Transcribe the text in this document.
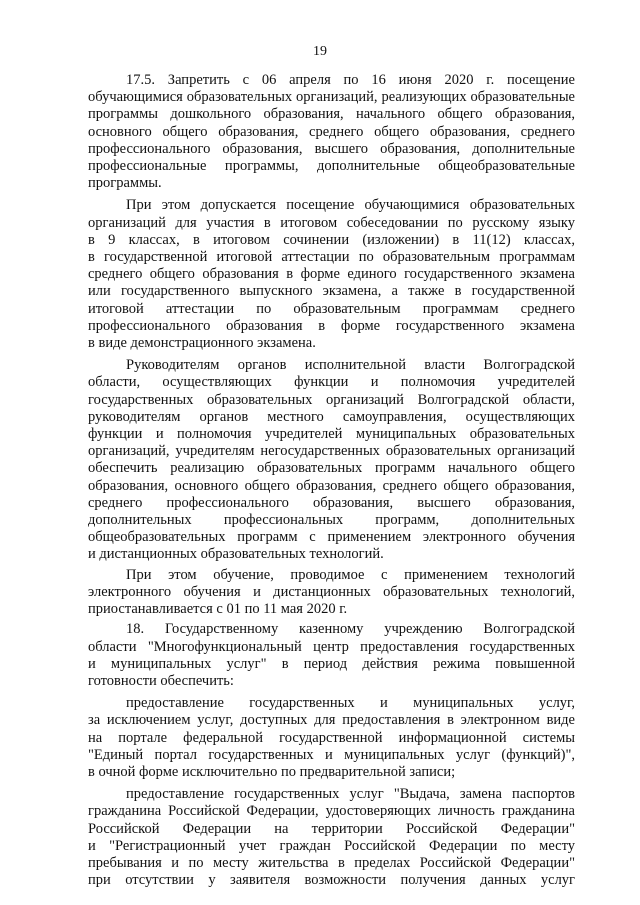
19

17.5. Запретить с 06 апреля по 16 июня 2020 г. посещение

обучающимися образовательных организаций, реализующих образовательные

программы дошкольного образования, начального общего образования,

основного общего образования, среднего общего образования, среднего

профессионального образования, высшего образования, дополнительные

профессиональные программы, дополнительные общеобразовательные

программы.

При этом допускается посещение обучающимися образовательных

организаций для участия в итоговом собеседовании по русскому языку

в 9 классах, в итоговом сочинении (изложении) в 11(12) классах,

в государственной итоговой аттестации по образовательным программам

среднего общего образования в форме единого государственного экзамена

или государственного выпускного экзамена, а также в государственной

итоговой аттестации по образовательным программам среднего

профессионального образования в форме государственного экзамена

в виде демонстрационного экзамена.

Руководителям органов исполнительной власти Волгоградской

области, осуществляющих функции и полномочия учредителей

государственных образовательных организаций Волгоградской области,

руководителям органов местного самоуправления, осуществляющих

функции и полномочия учредителей муниципальных образовательных

организаций, учредителям негосударственных образовательных организаций

обеспечить реализацию образовательных программ начального общего

образования, основного общего образования, среднего общего образования,

среднего профессионального образования, высшего образования,

дополнительных профессиональных программ, дополнительных

общеобразовательных программ с применением электронного обучения

и дистанционных образовательных технологий.

При этом обучение, проводимое с применением технологий

электронного обучения и дистанционных образовательных технологий,

приостанавливается с 01 по 11 мая 2020 г.

18. Государственному казенному учреждению Волгоградской

области "Многофункциональный центр предоставления государственных

и муниципальных услуг" в период действия режима повышенной

готовности обеспечить:

предоставление государственных и муниципальных услуг,

за исключением услуг, доступных для предоставления в электронном виде

на портале федеральной государственной информационной системы

"Единый портал государственных и муниципальных услуг (функций)",

в очной форме исключительно по предварительной записи;

предоставление государственных услуг "Выдача, замена паспортов

гражданина Российской Федерации, удостоверяющих личность гражданина

Российской Федерации на территории Российской Федерации"

и "Регистрационный учет граждан Российской Федерации по месту

пребывания и по месту жительства в пределах Российской Федерации"

при отсутствии у заявителя возможности получения данных услуг
